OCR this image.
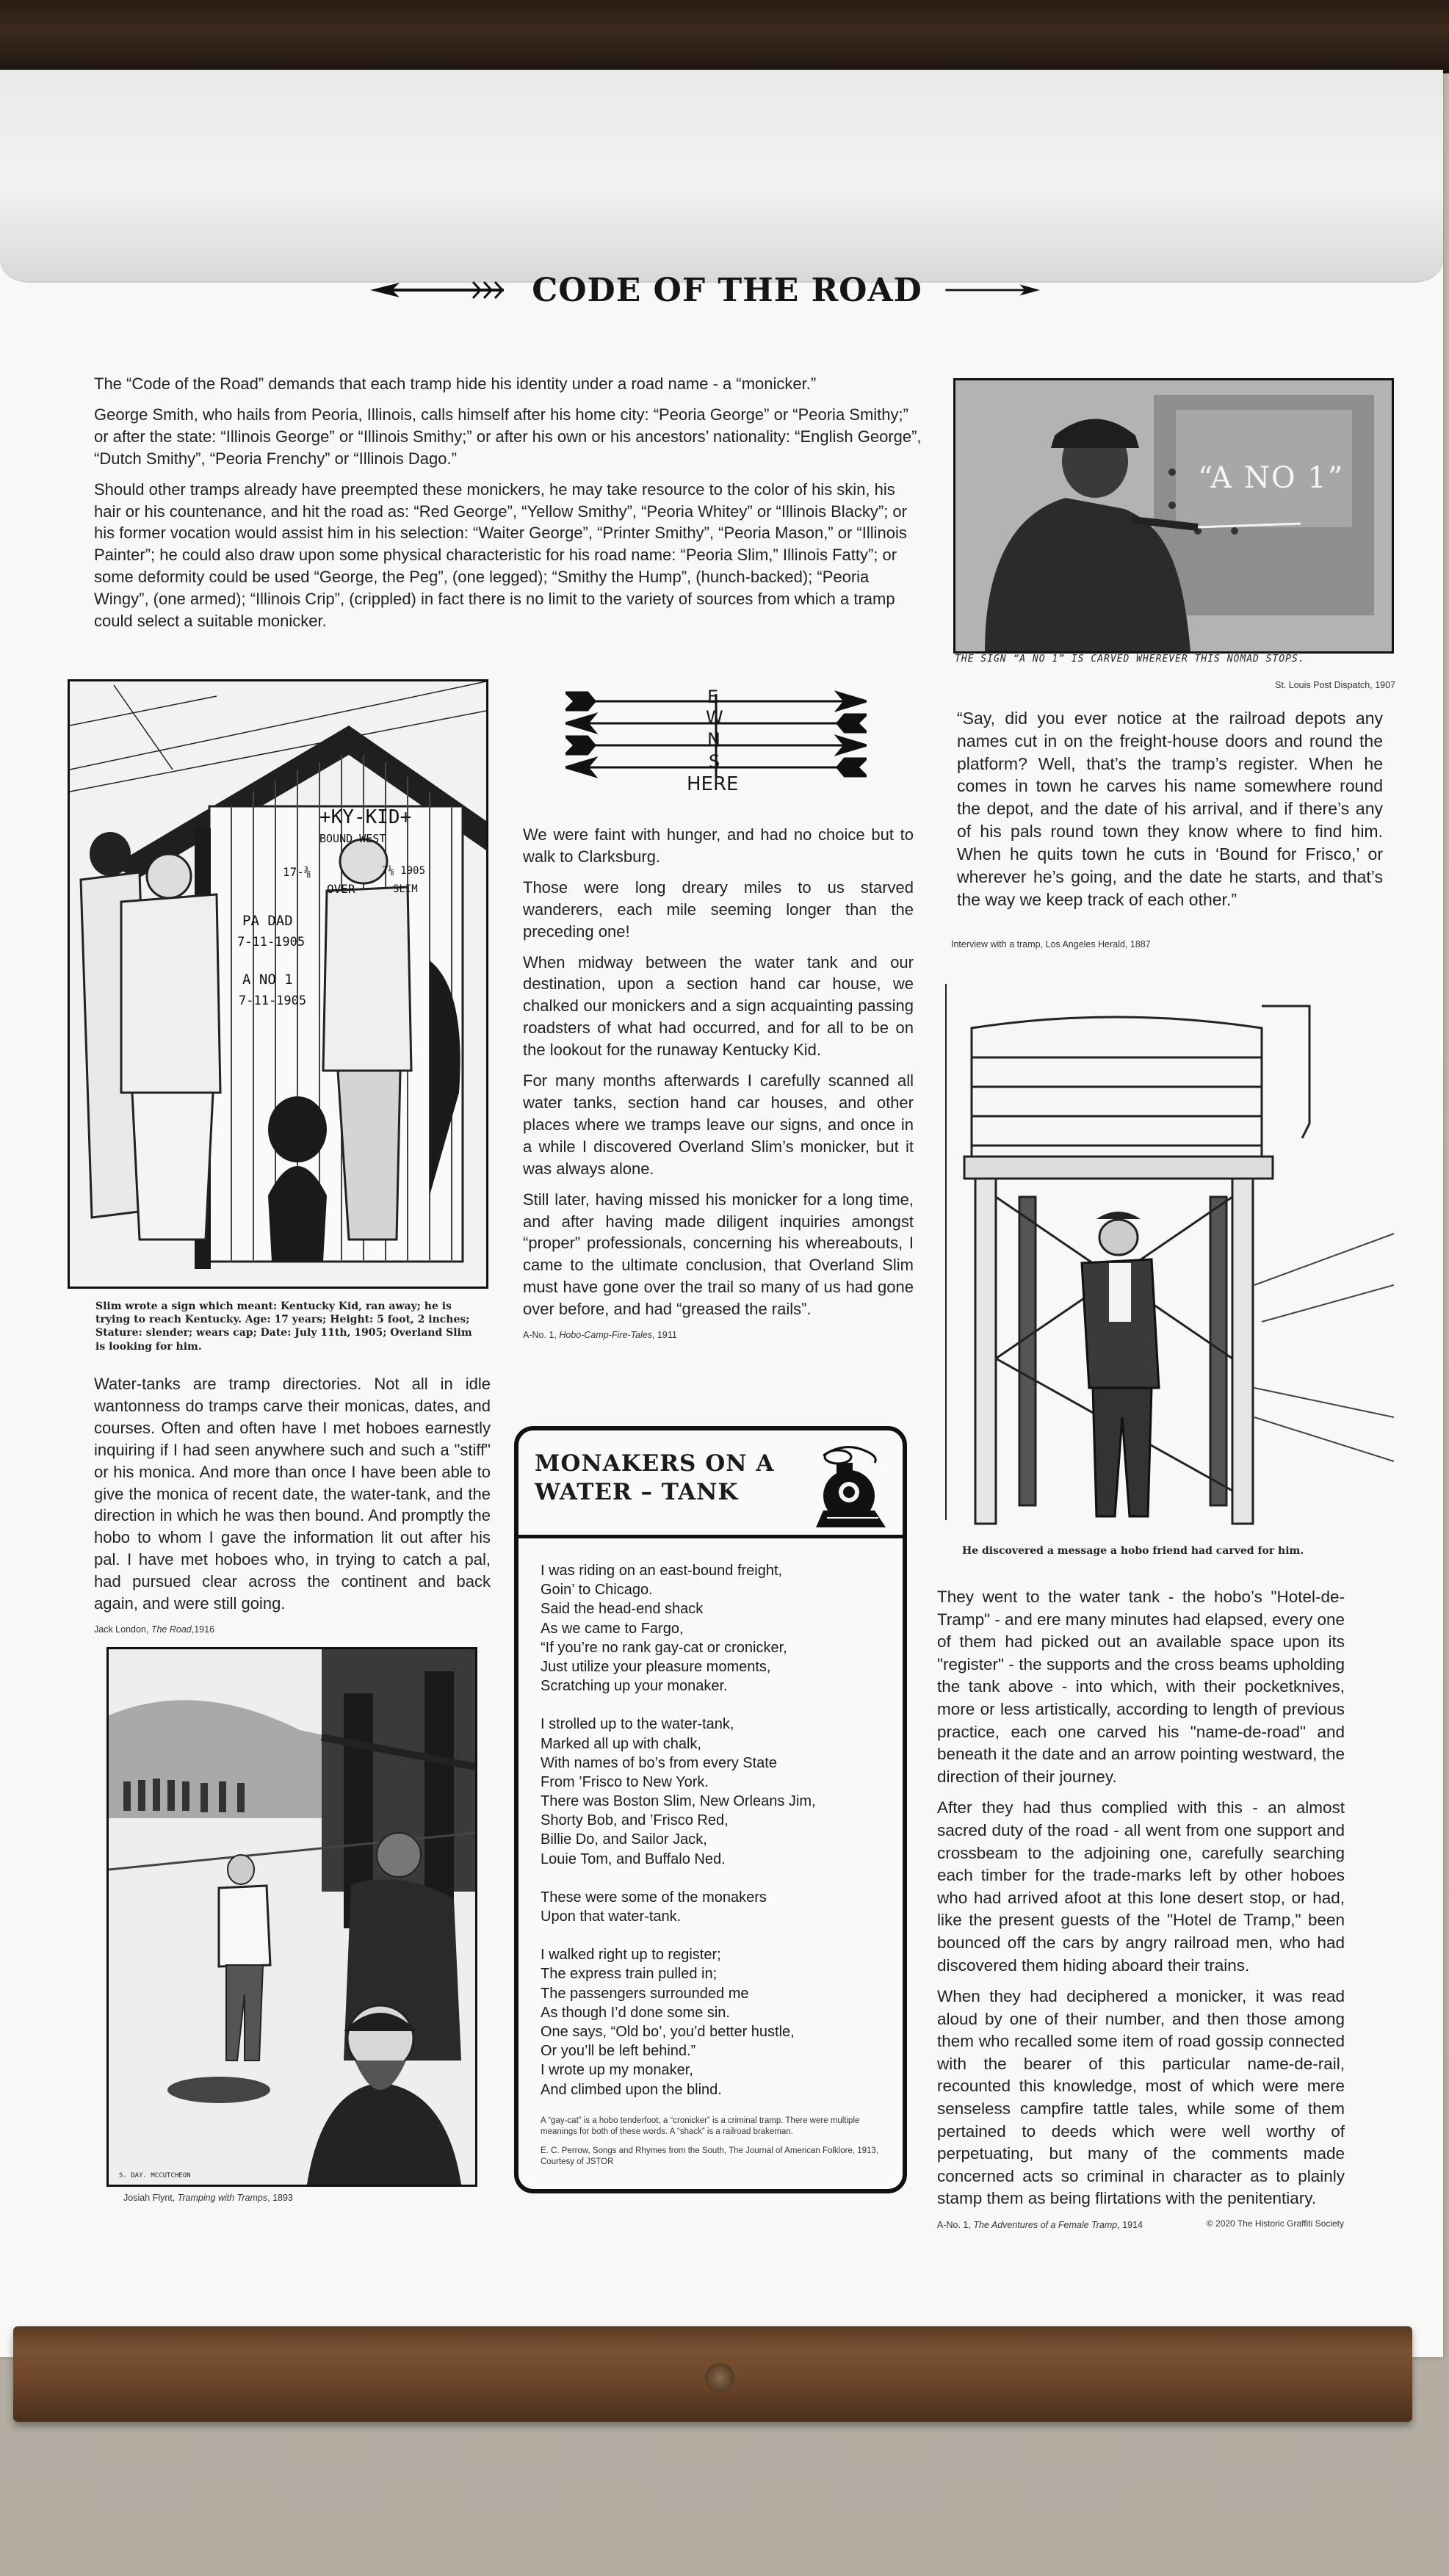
CODE OF THE ROAD
The “Code of the Road” demands that each tramp hide his identity under a road name - a “monicker.”
George Smith, who hails from Peoria, Illinois, calls himself after his home city: “Peoria George” or “Peoria Smithy;” or after the state: “Illinois George” or “Illinois Smithy;” or after his own or his ancestors’ nationality: “English George”, “Dutch Smithy”, “Peoria Frenchy” or “Illinois Dago.”
Should other tramps already have preempted these monickers, he may take resource to the color of his skin, his hair or his countenance, and hit the road as: “Red George”, “Yellow Smithy”, “Peoria Whitey” or “Illinois Blacky”; or his former vocation would assist him in his selection: “Waiter George”, “Printer Smithy”, “Peoria Mason,” or “Illinois Painter”; he could also draw upon some physical characteristic for his road name: “Peoria Slim,” Illinois Fatty”; or some deformity could be used “George, the Peg”, (one legged); “Smithy the Hump”, (hunch-backed); “Peoria Wingy”, (one armed); “Illinois Crip”, (crippled) in fact there is no limit to the variety of sources from which a tramp could select a suitable monicker.
“A NO 1”
THE SIGN “A NO 1” IS CARVED WHEREVER THIS NOMAD STOPS.
St. Louis Post Dispatch, 1907
+KY-KID+
BOUND WEST
17-⅜
OVER
7⅛ 1905
SLIM
PA DAD
7-11-1905
A NO 1
7-11-1905
Slim wrote a sign which meant: Kentucky Kid, ran away; he is trying to reach Kentucky. Age: 17 years; Height: 5 foot, 2 inches; Stature: slender; wears cap; Date: July 11th, 1905; Overland Slim is looking for him.
E
W
N
S
HERE
We were faint with hunger, and had no choice but to walk to Clarksburg.
Those were long dreary miles to us starved wanderers, each mile seeming longer than the preceding one!
When midway between the water tank and our destination, upon a section hand car house, we chalked our monickers and a sign acquainting passing roadsters of what had occurred, and for all to be on the lookout for the runaway Kentucky Kid.
For many months afterwards I carefully scanned all water tanks, section hand car houses, and other places where we tramps leave our signs, and once in a while I discovered Overland Slim’s monicker, but it was always alone.
Still later, having missed his monicker for a long time, and after having made diligent inquiries amongst “proper” professionals, concerning his whereabouts, I came to the ultimate conclusion, that Overland Slim must have gone over the trail so many of us had gone over before, and had “greased the rails”.
A-No. 1, Hobo-Camp-Fire-Tales, 1911
“Say, did you ever notice at the railroad depots any names cut in on the freight-house doors and round the platform? Well, that’s the tramp’s register. When he comes in town he carves his name somewhere round the depot, and the date of his arrival, and if there’s any of his pals round town they know where to find him. When he quits town he cuts in ‘Bound for Frisco,’ or wherever he’s going, and the date he starts, and that’s the way we keep track of each other.”
Interview with a tramp, Los Angeles Herald, 1887
He discovered a message a hobo friend had carved for him.
Water-tanks are tramp directories. Not all in idle wantonness do tramps carve their monicas, dates, and courses. Often and often have I met hoboes earnestly inquiring if I had seen anywhere such and such a "stiff" or his monica. And more than once I have been able to give the monica of recent date, the water-tank, and the direction in which he was then bound. And promptly the hobo to whom I gave the information lit out after his pal. I have met hoboes who, in trying to catch a pal, had pursued clear across the continent and back again, and were still going.
Jack London, The Road,1916
S. DAY. MCCUTCHEON
Josiah Flynt, Tramping with Tramps, 1893
MONAKERS ON A
WATER – TANK
I was riding on an east-bound freight,
Goin’ to Chicago.
Said the head-end shack
As we came to Fargo,
“If you’re no rank gay-cat or cronicker,
Just utilize your pleasure moments,
Scratching up your monaker.
I strolled up to the water-tank,
Marked all up with chalk,
With names of bo’s from every State
From ’Frisco to New York.
There was Boston Slim, New Orleans Jim,
Shorty Bob, and ’Frisco Red,
Billie Do, and Sailor Jack,
Louie Tom, and Buffalo Ned.
These were some of the monakers
Upon that water-tank.
I walked right up to register;
The express train pulled in;
The passengers surrounded me
As though I’d done some sin.
One says, “Old bo’, you’d better hustle,
Or you’ll be left behind.”
I wrote up my monaker,
And climbed upon the blind.
A “gay-cat” is a hobo tenderfoot; a “cronicker” is a criminal tramp. There were multiple meanings for both of these words. A “shack” is a railroad brakeman.
E. C. Perrow, Songs and Rhymes from the South, The Journal of American Folklore, 1913, Courtesy of JSTOR
They went to the water tank - the hobo’s "Hotel-de-Tramp" - and ere many minutes had elapsed, every one of them had picked out an available space upon its "register" - the supports and the cross beams upholding the tank above - into which, with their pocketknives, more or less artistically, according to length of previous practice, each one carved his "name-de-road" and beneath it the date and an arrow pointing westward, the direction of their journey.
After they had thus complied with this - an almost sacred duty of the road - all went from one support and crossbeam to the adjoining one, carefully searching each timber for the trade-marks left by other hoboes who had arrived afoot at this lone desert stop, or had, like the present guests of the "Hotel de Tramp," been bounced off the cars by angry railroad men, who had discovered them hiding aboard their trains.
When they had deciphered a monicker, it was read aloud by one of their number, and then those among them who recalled some item of road gossip connected with the bearer of this particular name-de-rail, recounted this knowledge, most of which were mere senseless campfire tattle tales, while some of them pertained to deeds which were well worthy of perpetuating, but many of the comments made concerned acts so criminal in character as to plainly stamp them as being flirtations with the penitentiary.
A-No. 1, The Adventures of a Female Tramp, 1914	© 2020 The Historic Graffiti Society
